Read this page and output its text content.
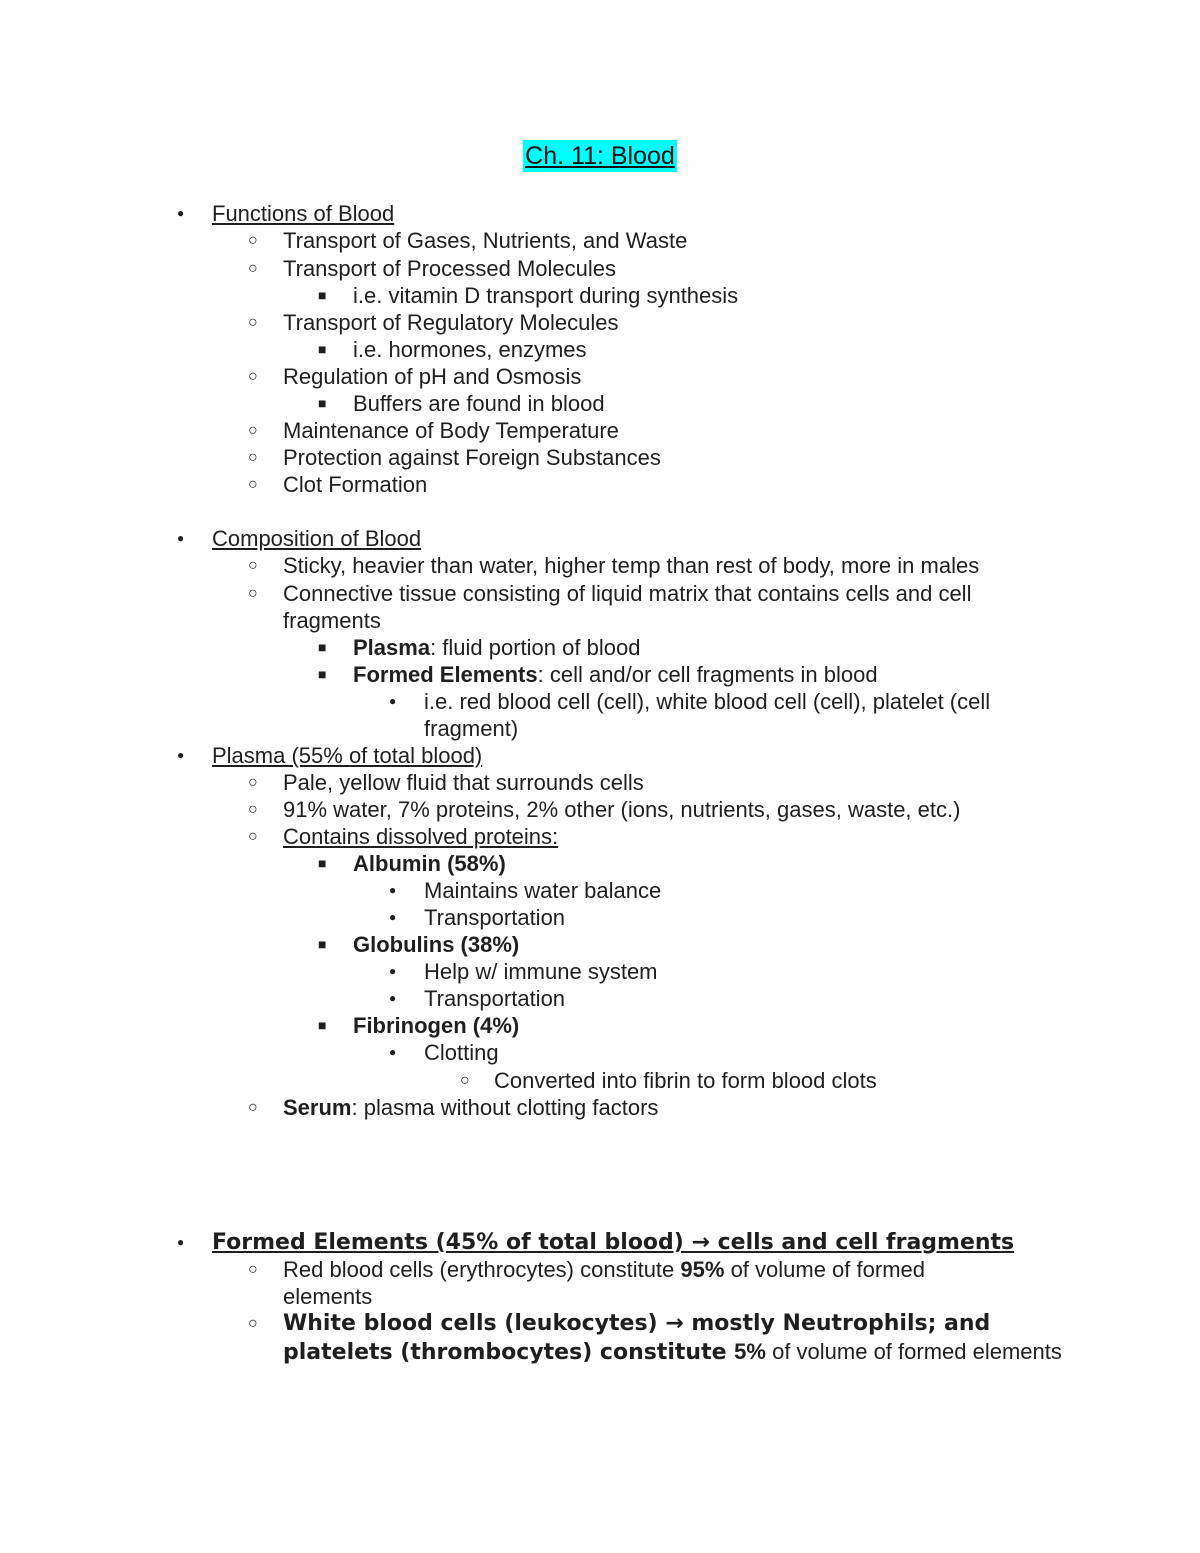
Ch. 11: Blood
● Functions of Blood
○ Transport of Gases, Nutrients, and Waste
○ Transport of Processed Molecules
■ i.e. vitamin D transport during synthesis
○ Transport of Regulatory Molecules
■ i.e. hormones, enzymes
○ Regulation of pH and Osmosis
■ Buffers are found in blood
○ Maintenance of Body Temperature
○ Protection against Foreign Substances
○ Clot Formation
● Composition of Blood
○ Sticky, heavier than water, higher temp than rest of body, more in males
○ Connective tissue consisting of liquid matrix that contains cells and cell
fragments
■ Plasma: fluid portion of blood
■ Formed Elements: cell and/or cell fragments in blood
● i.e. red blood cell (cell), white blood cell (cell), platelet (cell
fragment)
● Plasma (55% of total blood)
○ Pale, yellow fluid that surrounds cells
○ 91% water, 7% proteins, 2% other (ions, nutrients, gases, waste, etc.)
○ Contains dissolved proteins:
■ Albumin (58%)
● Maintains water balance
● Transportation
■ Globulins (38%)
● Help w/ immune system
● Transportation
■ Fibrinogen (4%)
● Clotting
○ Converted into fibrin to form blood clots
○ Serum: plasma without clotting factors
● Formed Elements (45% of total blood) → cells and cell fragments
○ Red blood cells (erythrocytes) constitute 95% of volume of formed
elements
○ White blood cells (leukocytes) → mostly Neutrophils; and
platelets (thrombocytes) constitute 5% of volume of formed elements
